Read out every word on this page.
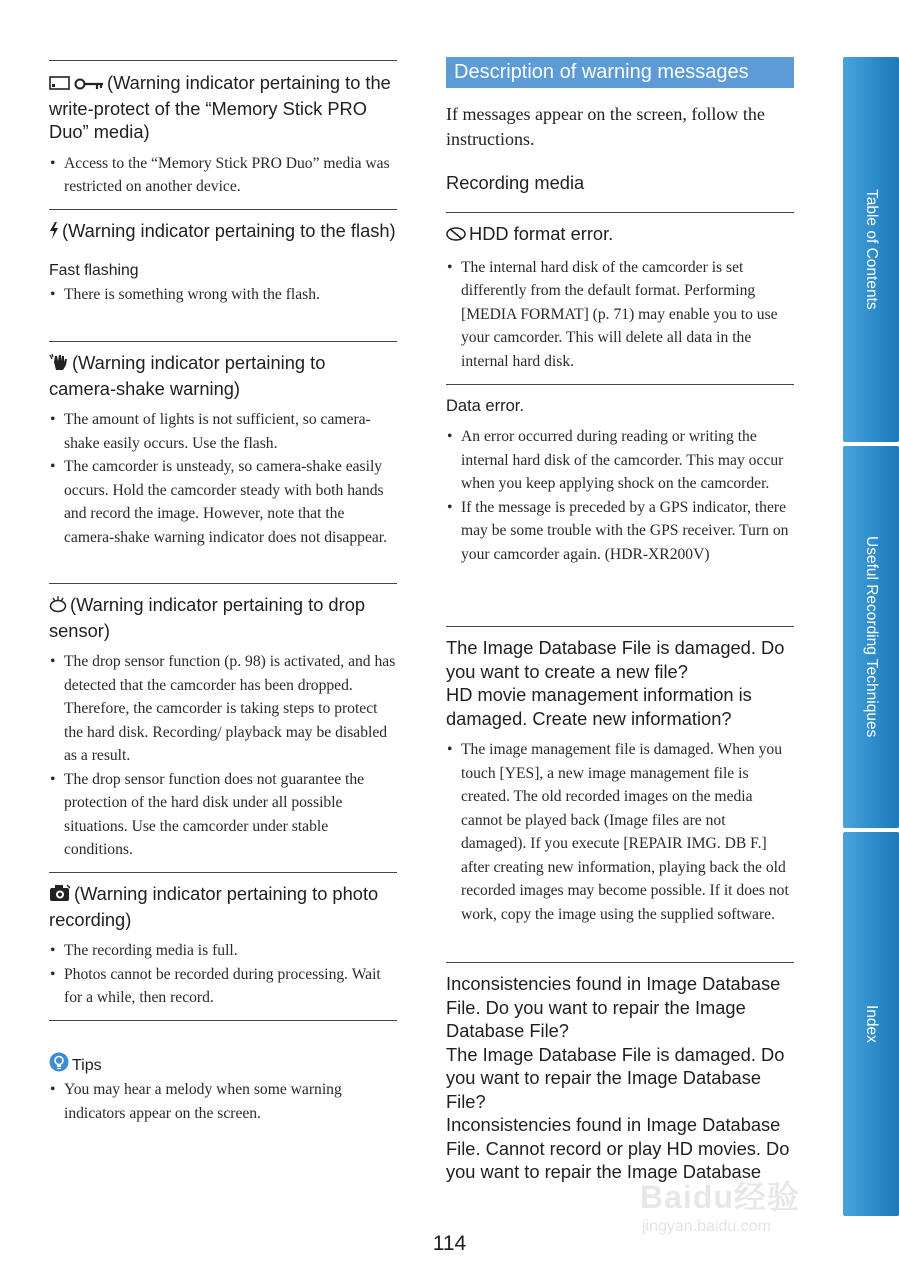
(Warning indicator pertaining to the write-protect of the “Memory Stick PRO Duo” media)
• Access to the “Memory Stick PRO Duo” media was restricted on another device.
(Warning indicator pertaining to the flash)
Fast flashing
• There is something wrong with the flash.
(Warning indicator pertaining to camera-shake warning)
• The amount of lights is not sufficient, so camera-shake easily occurs. Use the flash.
• The camcorder is unsteady, so camera-shake easily occurs. Hold the camcorder steady with both hands and record the image. However, note that the camera-shake warning indicator does not disappear.
(Warning indicator pertaining to drop sensor)
• The drop sensor function (p. 98) is activated, and has detected that the camcorder has been dropped. Therefore, the camcorder is taking steps to protect the hard disk. Recording/ playback may be disabled as a result.
• The drop sensor function does not guarantee the protection of the hard disk under all possible situations. Use the camcorder under stable conditions.
(Warning indicator pertaining to photo recording)
• The recording media is full.
• Photos cannot be recorded during processing. Wait for a while, then record.
Tips
• You may hear a melody when some warning indicators appear on the screen.
Description of warning messages
If messages appear on the screen, follow the instructions.
Recording media
HDD format error.
• The internal hard disk of the camcorder is set differently from the default format. Performing [MEDIA FORMAT] (p. 71) may enable you to use your camcorder. This will delete all data in the internal hard disk.
Data error.
• An error occurred during reading or writing the internal hard disk of the camcorder. This may occur when you keep applying shock on the camcorder.
• If the message is preceded by a GPS indicator, there may be some trouble with the GPS receiver. Turn on your camcorder again. (HDR-XR200V)
The Image Database File is damaged. Do you want to create a new file?
HD movie management information is damaged. Create new information?
• The image management file is damaged. When you touch [YES], a new image management file is created. The old recorded images on the media cannot be played back (Image files are not damaged). If you execute [REPAIR IMG. DB F.] after creating new information, playing back the old recorded images may become possible. If it does not work, copy the image using the supplied software.
Inconsistencies found in Image Database File. Do you want to repair the Image Database File?
The Image Database File is damaged. Do you want to repair the Image Database File?
Inconsistencies found in Image Database File. Cannot record or play HD movies. Do you want to repair the Image Database
Table of Contents
Useful Recording Techniques
Index
Baidu经验
jingyan.baidu.com
114
